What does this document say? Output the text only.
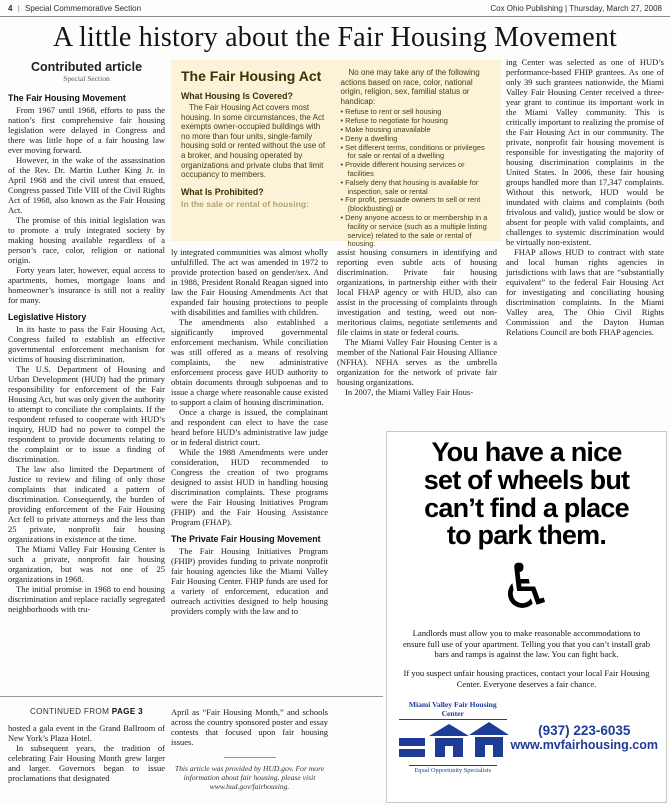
4 | Special Commemorative Section	Cox Ohio Publishing | Thursday, March 27, 2008
A little history about the Fair Housing Movement
Contributed article
Special Section
The Fair Housing Movement

From 1967 until 1968, efforts to pass the nation’s first comprehensive fair housing legislation were delayed in Congress and there was little hope of a fair housing law ever moving forward.

However, in the wake of the assassination of the Rev. Dr. Martin Luther King Jr. in April 1968 and the civil unrest that ensued, Congress passed Title VIII of the Civil Rights Act of 1968, also known as the Fair Housing Act.

The promise of this initial legislation was to promote a truly integrated society by making housing available regardless of a person’s race, color, religion or national origin.

Forty years later, however, equal access to apartments, homes, mortgage loans and homeowner’s insurance is still not a reality for many.

Legislative History

In its haste to pass the Fair Housing Act, Congress failed to establish an effective governmental enforcement mechanism for victims of housing discrimination.

The U.S. Department of Housing and Urban Development (HUD) had the primary responsibility for enforcement of the Fair Housing Act, but was only given the authority to attempt to conciliate the complaints. If the respondent refused to cooperate with HUD’s inquiry, HUD had no power to compel the respondent to provide documents relating to the complaint or to issue a finding of discrimination.

The law also limited the Department of Justice to review and filing of only those complaints that indicated a pattern of discrimination. Consequently, the burden of providing enforcement of the Fair Housing Act fell to private attorneys and the less than 25 private, nonprofit fair housing organizations in existence at the time.

The Miami Valley Fair Housing Center is such a private, nonprofit fair housing organization, but was not one of 25 organizations in 1968.

The initial promise in 1968 to end housing discrimination and replace racially segregated neighborhoods with tru-

The Fair Housing Act
What Housing Is Covered?

The Fair Housing Act covers most housing. In some circumstances, the Act exempts owner-occupied buildings with no more than four units, single-family housing sold or rented without the use of a broker, and housing operated by organizations and private clubs that limit occupancy to members.

What Is Prohibited?
In the sale or rental of housing:

No one may take any of the following actions based on race, color, national origin, religion, sex, familial status or handicap:

• Refuse to rent or sell housing
• Refuse to negotiate for housing
• Make housing unavailable
• Deny a dwelling
• Set different terms, conditions or privileges for sale or rental of a dwelling
• Provide different housing services or facilities
• Falsely deny that housing is available for inspection, sale or rental
• For profit, persuade owners to sell or rent (blockbusting) or
• Deny anyone access to or membership in a facility or service (such as a multiple listing service) related to the sale or rental of housing.

ly integrated communities was almost wholly unfulfilled. The act was amended in 1972 to provide protection based on gender/sex. And in 1988, President Ronald Reagan signed into law the Fair Housing Amendments Act that expanded fair housing protections to people with disabilities and families with children.

The amendments also established a significantly improved governmental enforcement mechanism. While conciliation was still offered as a means of resolving complaints, the new administrative enforcement process gave HUD authority to obtain documents through subpoenas and to issue a charge where reasonable cause existed to support a claim of housing discrimination.

Once a charge is issued, the complainant and respondent can elect to have the case heard before HUD’s administrative law judge or in federal district court.

While the 1988 Amendments were under consideration, HUD recommended to Congress the creation of two programs designed to assist HUD in handling housing discrimination complaints. These programs were the Fair Housing Initiatives Program (FHIP) and the Fair Housing Assistance Program (FHAP).

The Private Fair Housing Movement

The Fair Housing Initiatives Program (FHIP) provides funding to private nonprofit fair housing agencies like the Miami Valley Fair Housing Center. FHIP funds are used for a variety of enforcement, education and outreach activities designed to help housing providers comply with the law and to

assist housing consumers in identifying and reporting even subtle acts of housing discrimination. Private fair housing organizations, in partnership either with their local FHAP agency or with HUD, also can assist in the processing of complaints through investigation and testing, weed out non-meritorious claims, negotiate settlements and file claims in state or federal courts.

The Miami Valley Fair Housing Center is a member of the National Fair Housing Alliance (NFHA). NFHA serves as the umbrella organization for the network of private fair housing organizations.

In 2007, the Miami Valley Fair Hous-

ing Center was selected as one of HUD’s performance-based FHIP grantees. As one of only 39 such grantees nationwide, the Miami Valley Fair Housing Center received a three-year grant to continue its important work in the Miami Valley community. This is critically important to realizing the promise of the Fair Housing Act in our community. The private, nonprofit fair housing movement is responsible for investigating the majority of housing discrimination complaints in the United States. In 2006, these fair housing groups handled more than 17,347 complaints. Without this network, HUD would be inundated with claims and complaints (both frivolous and valid), justice would be slow or absent for people with valid complaints, and challenges to systemic discrimination would be virtually non-existent.

FHAP allows HUD to contract with state and local human rights agencies in jurisdictions with laws that are “substantially equivalent” to the federal Fair Housing Act for investigating and conciliating housing discrimination complaints. In the Miami Valley area, The Ohio Civil Rights Commission and the Dayton Human Relations Council are both FHAP agencies.

CONTINUED FROM PAGE 3

hosted a gala event in the Grand Ballroom of New York’s Plaza Hotel.

In subsequent years, the tradition of celebrating Fair Housing Month grew larger and larger. Governors began to issue proclamations that designated

April as “Fair Housing Month,” and schools across the country sponsored poster and essay contests that focused upon fair housing issues.

This article was provided by HUD.gov. For more information about fair housing, please visit www.hud.gov/fairhousing.

You have a nice
set of wheels but
can’t find a place
to park them.
♿
Landlords must allow you to make reasonable accommodations to ensure full use of your apartment. Telling you that you can’t install grab bars and ramps is against the law. You can fight back.
If you suspect unfair housing practices, contact your local Fair Housing Center. Everyone deserves a fair chance.
Miami Valley Fair Housing Center
Equal Opportunity Specialists
(937) 223-6035
www.mvfairhousing.com
